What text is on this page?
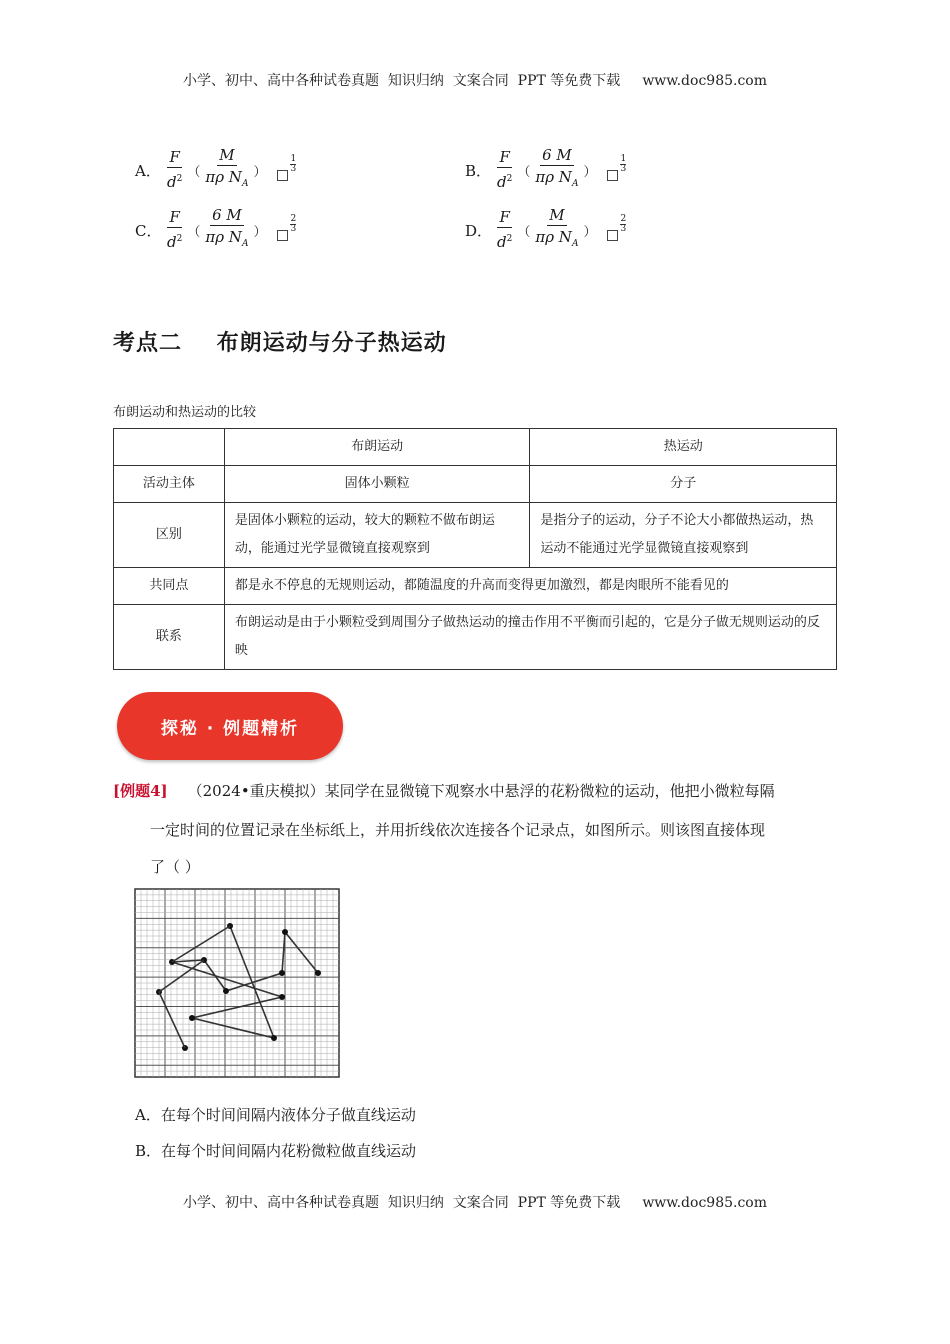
小学、初中、高中各种试卷真题  知识归纳  文案合同  PPT 等免费下载 www.doc985.com
A． $\frac{F}{d^2}$ （ $\frac{M}{\pi\rho N_A}$ ）
1
3	B． $\frac{F}{d^2}$ （ $\frac{6 M}{\pi\rho N_A}$ ）
1
3
C． $\frac{F}{d^2}$ （ $\frac{6 M}{\pi\rho N_A}$ ）
2
3	D． $\frac{F}{d^2}$ （ $\frac{M}{\pi\rho N_A}$ ）
2
3
考点二    布朗运动与分子热运动
布朗运动和热运动的比较
	布朗运动	热运动
活动主体	固体小颗粒	分子
区别	是固体小颗粒的运动，较大的颗粒不做布朗运动，能通过光学显微镜直接观察到	是指分子的运动，分子不论大小都做热运动，热运动不能通过光学显微镜直接观察到
共同点	都是永不停息的无规则运动，都随温度的升高而变得更加激烈，都是肉眼所不能看见的	
联系	布朗运动是由于小颗粒受到周围分子做热运动的撞击作用不平衡而引起的，它是分子做无规则运动的反映	
探秘 · 例题精析
[例题4] （2024•重庆模拟）某同学在显微镜下观察水中悬浮的花粉微粒的运动，他把小微粒每隔
一定时间的位置记录在坐标纸上，并用折线依次连接各个记录点，如图所示。则该图直接体现
了（ ）
A．在每个时间间隔内液体分子做直线运动
B．在每个时间间隔内花粉微粒做直线运动
小学、初中、高中各种试卷真题  知识归纳  文案合同  PPT 等免费下载 www.doc985.com
